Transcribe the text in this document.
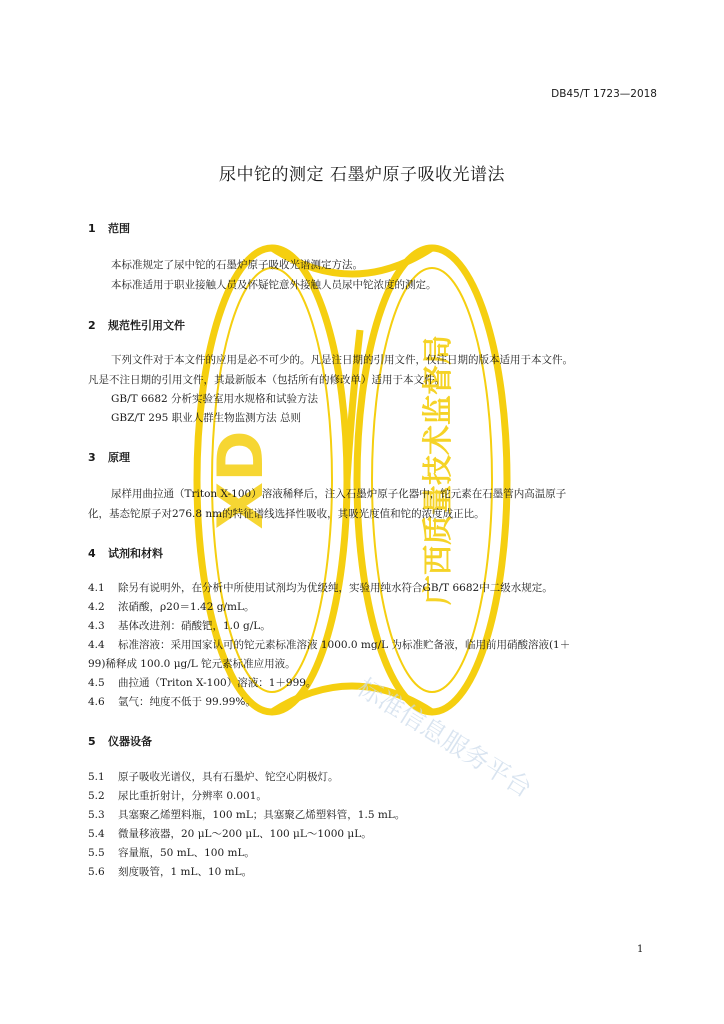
XD	广西质量技术监督局
标准信息服务平台
DB45/T 1723—2018
尿中铊的测定 石墨炉原子吸收光谱法
1 范围
本标准规定了尿中铊的石墨炉原子吸收光谱测定方法。
本标准适用于职业接触人员及怀疑铊意外接触人员尿中铊浓度的测定。
2 规范性引用文件
下列文件对于本文件的应用是必不可少的。凡是注日期的引用文件，仅注日期的版本适用于本文件。
凡是不注日期的引用文件，其最新版本（包括所有的修改单）适用于本文件。
GB/T 6682 分析实验室用水规格和试验方法
GBZ/T 295 职业人群生物监测方法 总则
3 原理
尿样用曲拉通（Triton X-100）溶液稀释后，注入石墨炉原子化器中，铊元素在石墨管内高温原子
化，基态铊原子对276.8 nm的特征谱线选择性吸收，其吸光度值和铊的浓度成正比。
4 试剂和材料
4.1 除另有说明外，在分析中所使用试剂均为优级纯，实验用纯水符合GB/T 6682中二级水规定。
4.2 浓硝酸，ρ20＝1.42 g/mL。
4.3 基体改进剂：硝酸钯，1.0 g/L。
4.4 标准溶液：采用国家认可的铊元素标准溶液 1000.0 mg/L 为标准贮备液，临用前用硝酸溶液(1＋
99)稀释成 100.0 μg/L 铊元素标准应用液。
4.5 曲拉通（Triton X-100）溶液：1＋999。
4.6 氩气：纯度不低于 99.99%。
5 仪器设备
5.1 原子吸收光谱仪，具有石墨炉、铊空心阴极灯。
5.2 尿比重折射计，分辨率 0.001。
5.3 具塞聚乙烯塑料瓶，100 mL；具塞聚乙烯塑料管，1.5 mL。
5.4 微量移液器，20 μL～200 μL、100 μL～1000 μL。
5.5 容量瓶，50 mL、100 mL。
5.6 刻度吸管，1 mL、10 mL。
1
